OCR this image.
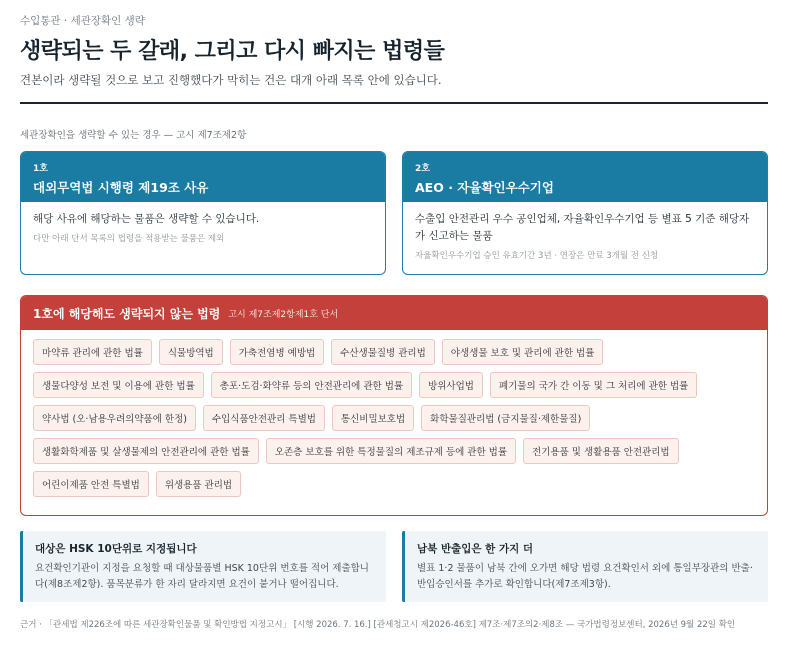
수입통관 · 세관장확인 생략
생략되는 두 갈래, 그리고 다시 빠지는 법령들
견본이라 생략될 것으로 보고 진행했다가 막히는 건은 대개 아래 목록 안에 있습니다.
세관장확인을 생략할 수 있는 경우 — 고시 제7조제2항
1호
대외무역법 시행령 제19조 사유
해당 사유에 해당하는 물품은 생략할 수 있습니다.
다만 아래 단서 목록의 법령을 적용받는 물품은 제외
2호
AEO · 자율확인우수기업
수출입 안전관리 우수 공인업체, 자율확인우수기업 등 별표 5 기준 해당자가 신고하는 물품
자율확인우수기업 승인 유효기간 3년 · 연장은 만료 3개월 전 신청
1호에 해당해도 생략되지 않는 법령 고시 제7조제2항제1호 단서
마약류 관리에 관한 법률	식물방역법	가축전염병 예방법	수산생물질병 관리법	야생생물 보호 및 관리에 관한 법률
생물다양성 보전 및 이용에 관한 법률	총포·도검·화약류 등의 안전관리에 관한 법률	방위사업법	폐기물의 국가 간 이동 및 그 처리에 관한 법률
약사법 (오·남용우려의약품에 한정)	수입식품안전관리 특별법	통신비밀보호법	화학물질관리법 (금지물질·제한물질)
생활화학제품 및 살생물제의 안전관리에 관한 법률	오존층 보호를 위한 특정물질의 제조규제 등에 관한 법률	전기용품 및 생활용품 안전관리법
어린이제품 안전 특별법	위생용품 관리법
대상은 HSK 10단위로 지정됩니다
요건확인기관이 지정을 요청할 때 대상물품별 HSK 10단위 번호를 적어 제출합니다(제8조제2항). 품목분류가 한 자리 달라지면 요건이 붙거나 떨어집니다.
남북 반출입은 한 가지 더
별표 1·2 물품이 남북 간에 오가면 해당 법령 요건확인서 외에 통일부장관의 반출·반입승인서를 추가로 확인합니다(제7조제3항).
근거 · 「관세법 제226조에 따른 세관장확인물품 및 확인방법 지정고시」 [시행 2026. 7. 16.] [관세청고시 제2026-46호] 제7조·제7조의2·제8조 — 국가법령정보센터, 2026년 9월 22일 확인
